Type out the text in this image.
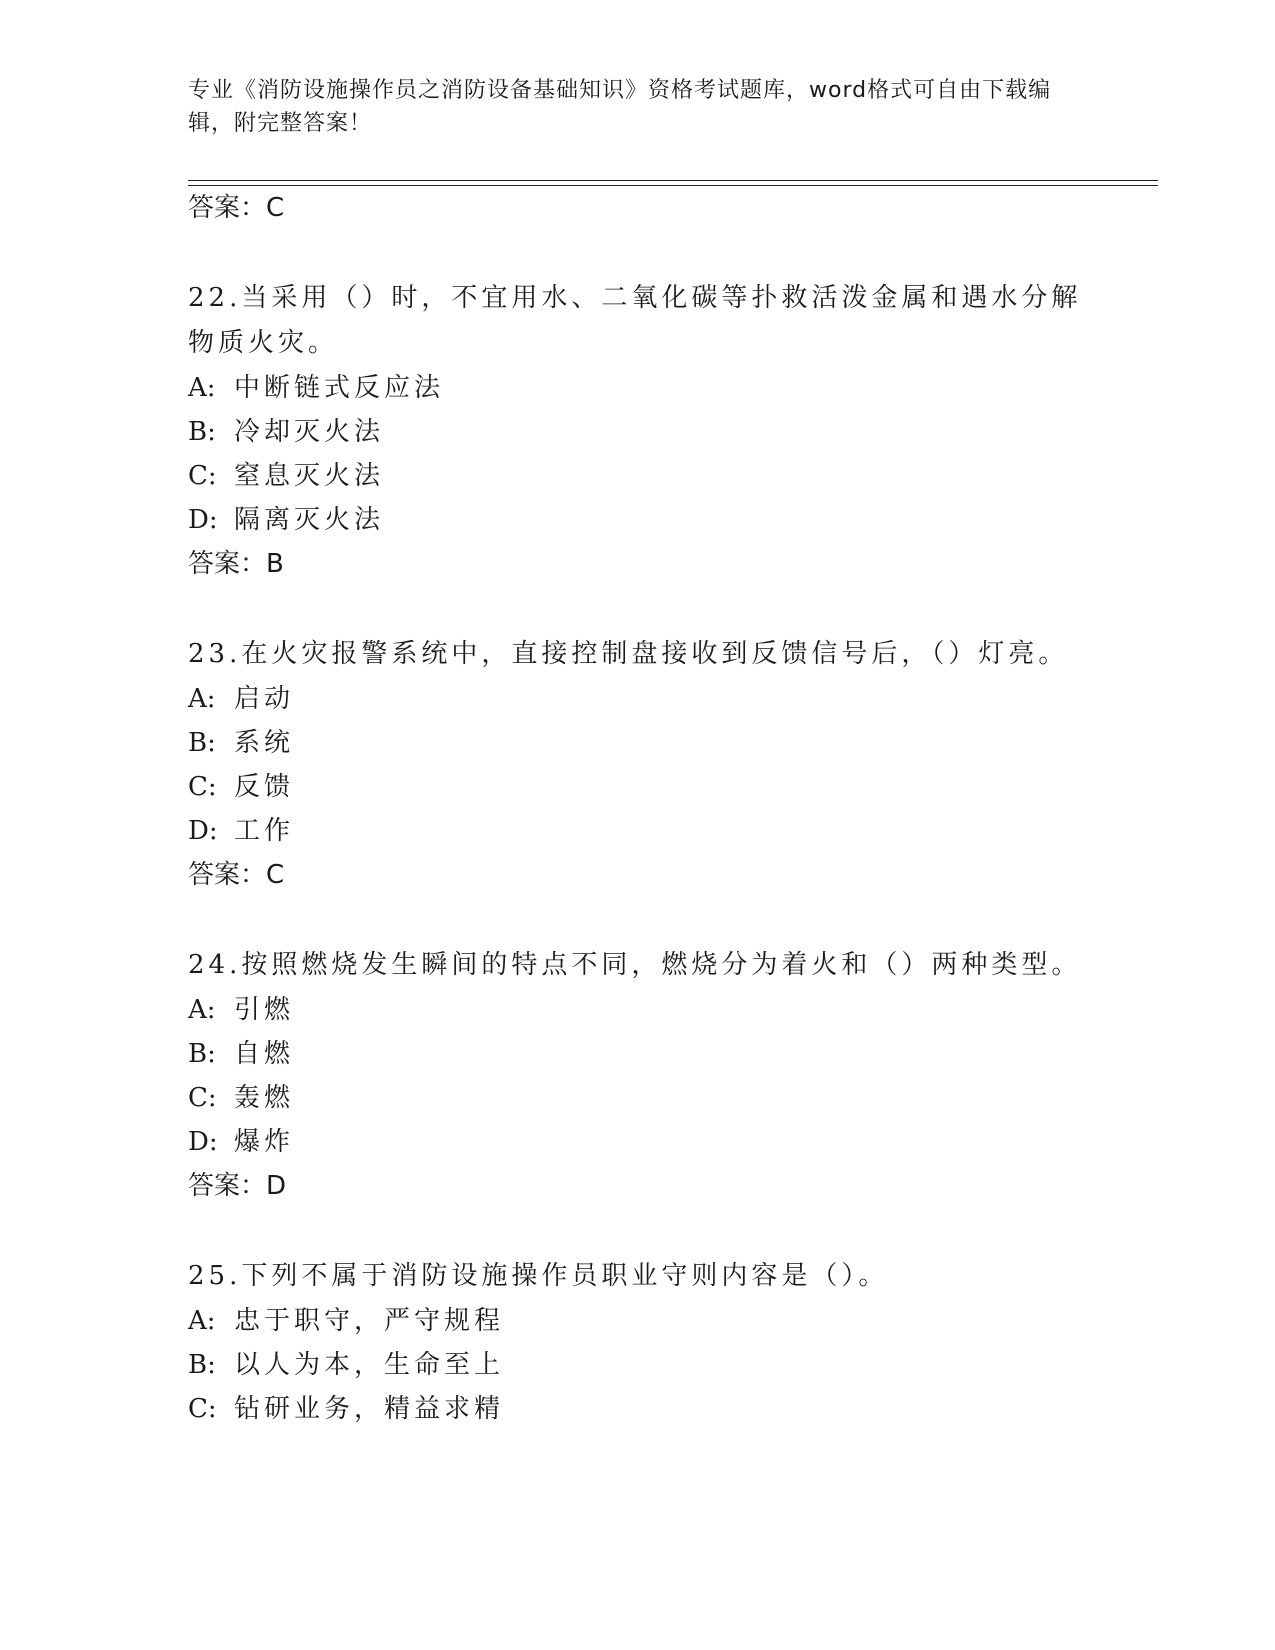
专业《消防设施操作员之消防设备基础知识》资格考试题库，word格式可自由下载编辑，附完整答案！
答案：C
22.当采用（）时，不宜用水、二氧化碳等扑救活泼金属和遇水分解物质火灾。
A: 中断链式反应法
B: 冷却灭火法
C: 窒息灭火法
D: 隔离灭火法
答案：B
23.在火灾报警系统中，直接控制盘接收到反馈信号后，（）灯亮。
A: 启动
B: 系统
C: 反馈
D: 工作
答案：C
24.按照燃烧发生瞬间的特点不同，燃烧分为着火和（）两种类型。
A: 引燃
B: 自燃
C: 轰燃
D: 爆炸
答案：D
25.下列不属于消防设施操作员职业守则内容是（）。
A: 忠于职守，严守规程
B: 以人为本，生命至上
C: 钻研业务，精益求精
